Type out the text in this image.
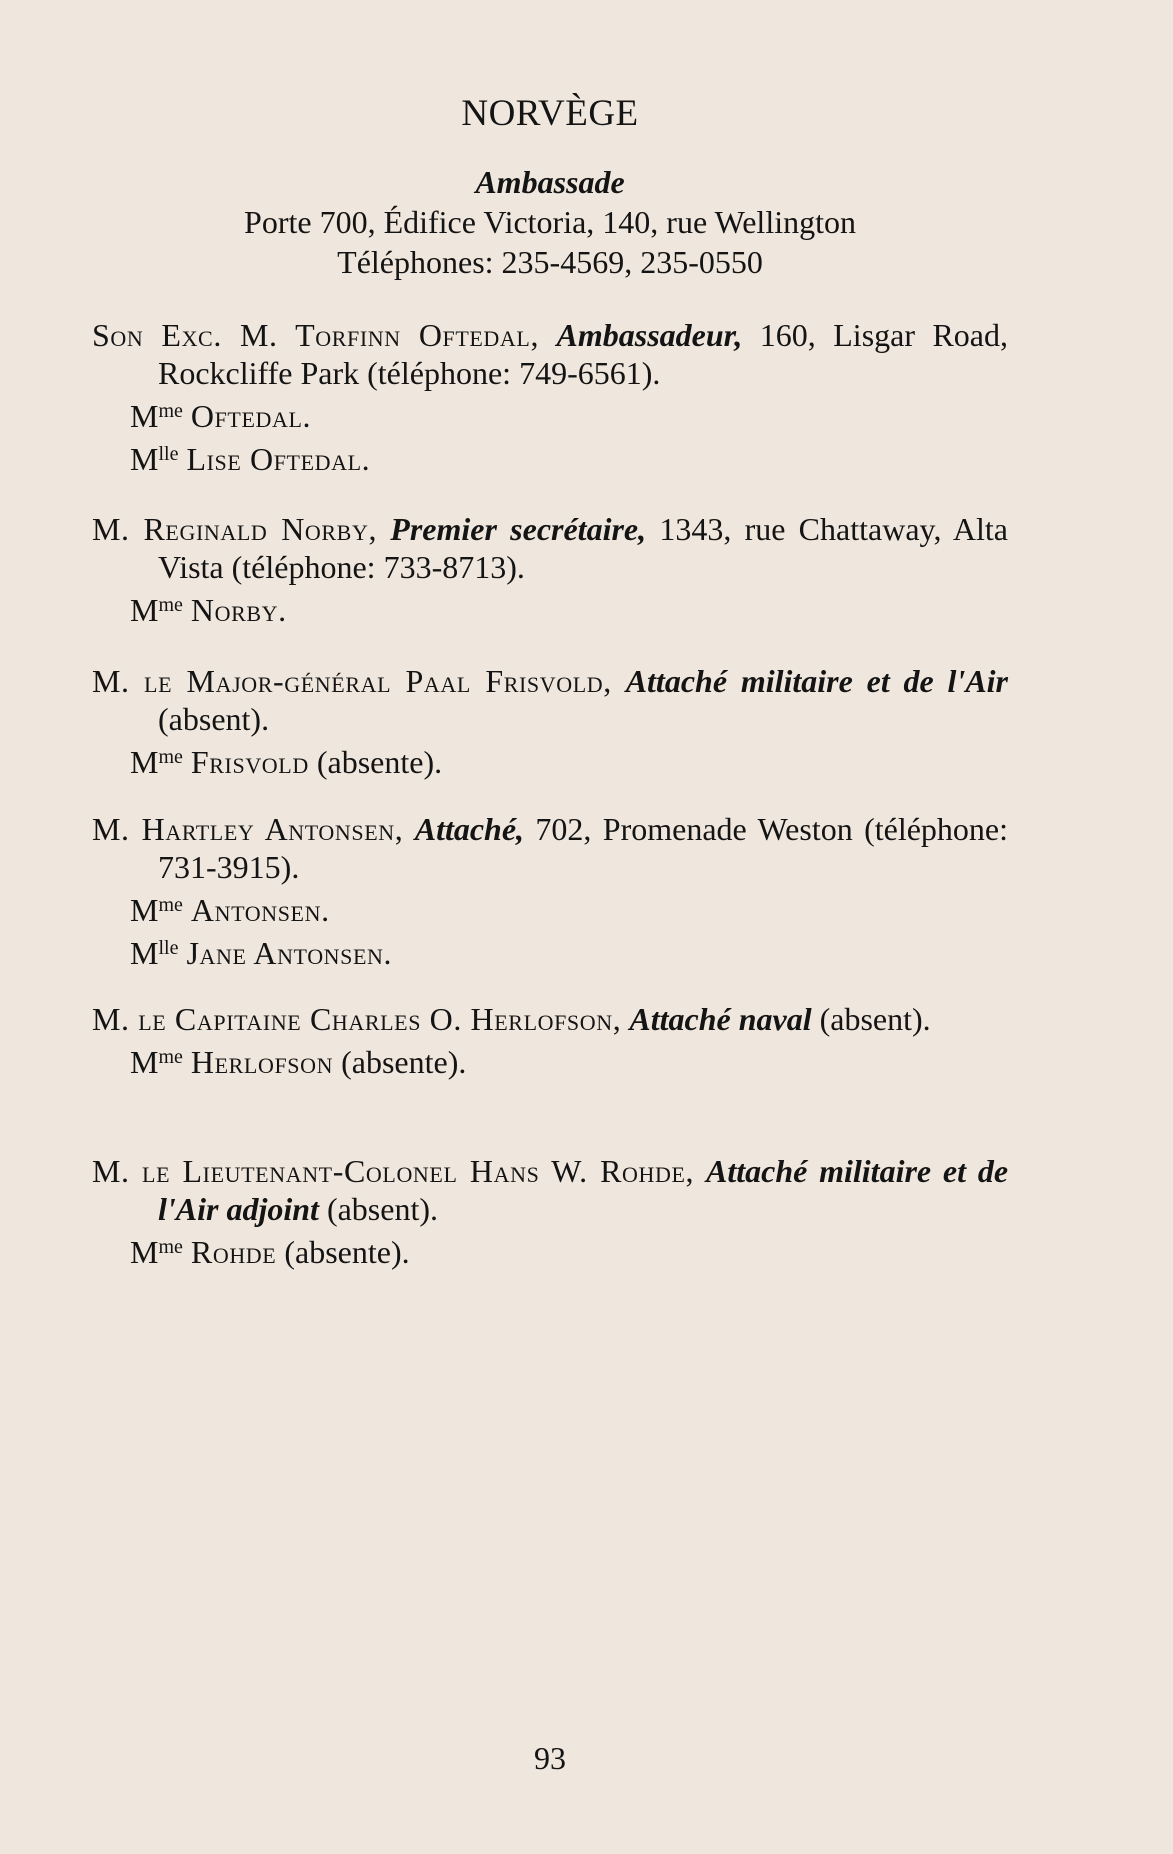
NORVÈGE
Ambassade
Porte 700, Édifice Victoria, 140, rue Wellington
Téléphones: 235-4569, 235-0550
Son Exc. M. Torfinn Oftedal, Ambassadeur, 160, Lisgar Road, Rockcliffe Park (téléphone: 749-6561).
$M^{me}$ Oftedal.
$M^{lle}$ Lise Oftedal.
M. Reginald Norby, Premier secrétaire, 1343, rue Chattaway, Alta Vista (téléphone: 733-8713).
$M^{me}$ Norby.
M. le Major-général Paal Frisvold, Attaché militaire et de l'Air (absent).
$M^{me}$ Frisvold (absente).
M. Hartley Antonsen, Attaché, 702, Promenade Weston (téléphone: 731-3915).
$M^{me}$ Antonsen.
$M^{lle}$ Jane Antonsen.
M. le Capitaine Charles O. Herlofson, Attaché naval (absent).
$M^{me}$ Herlofson (absente).
M. le Lieutenant-Colonel Hans W. Rohde, Attaché militaire et de l'Air adjoint (absent).
$M^{me}$ Rohde (absente).
93
